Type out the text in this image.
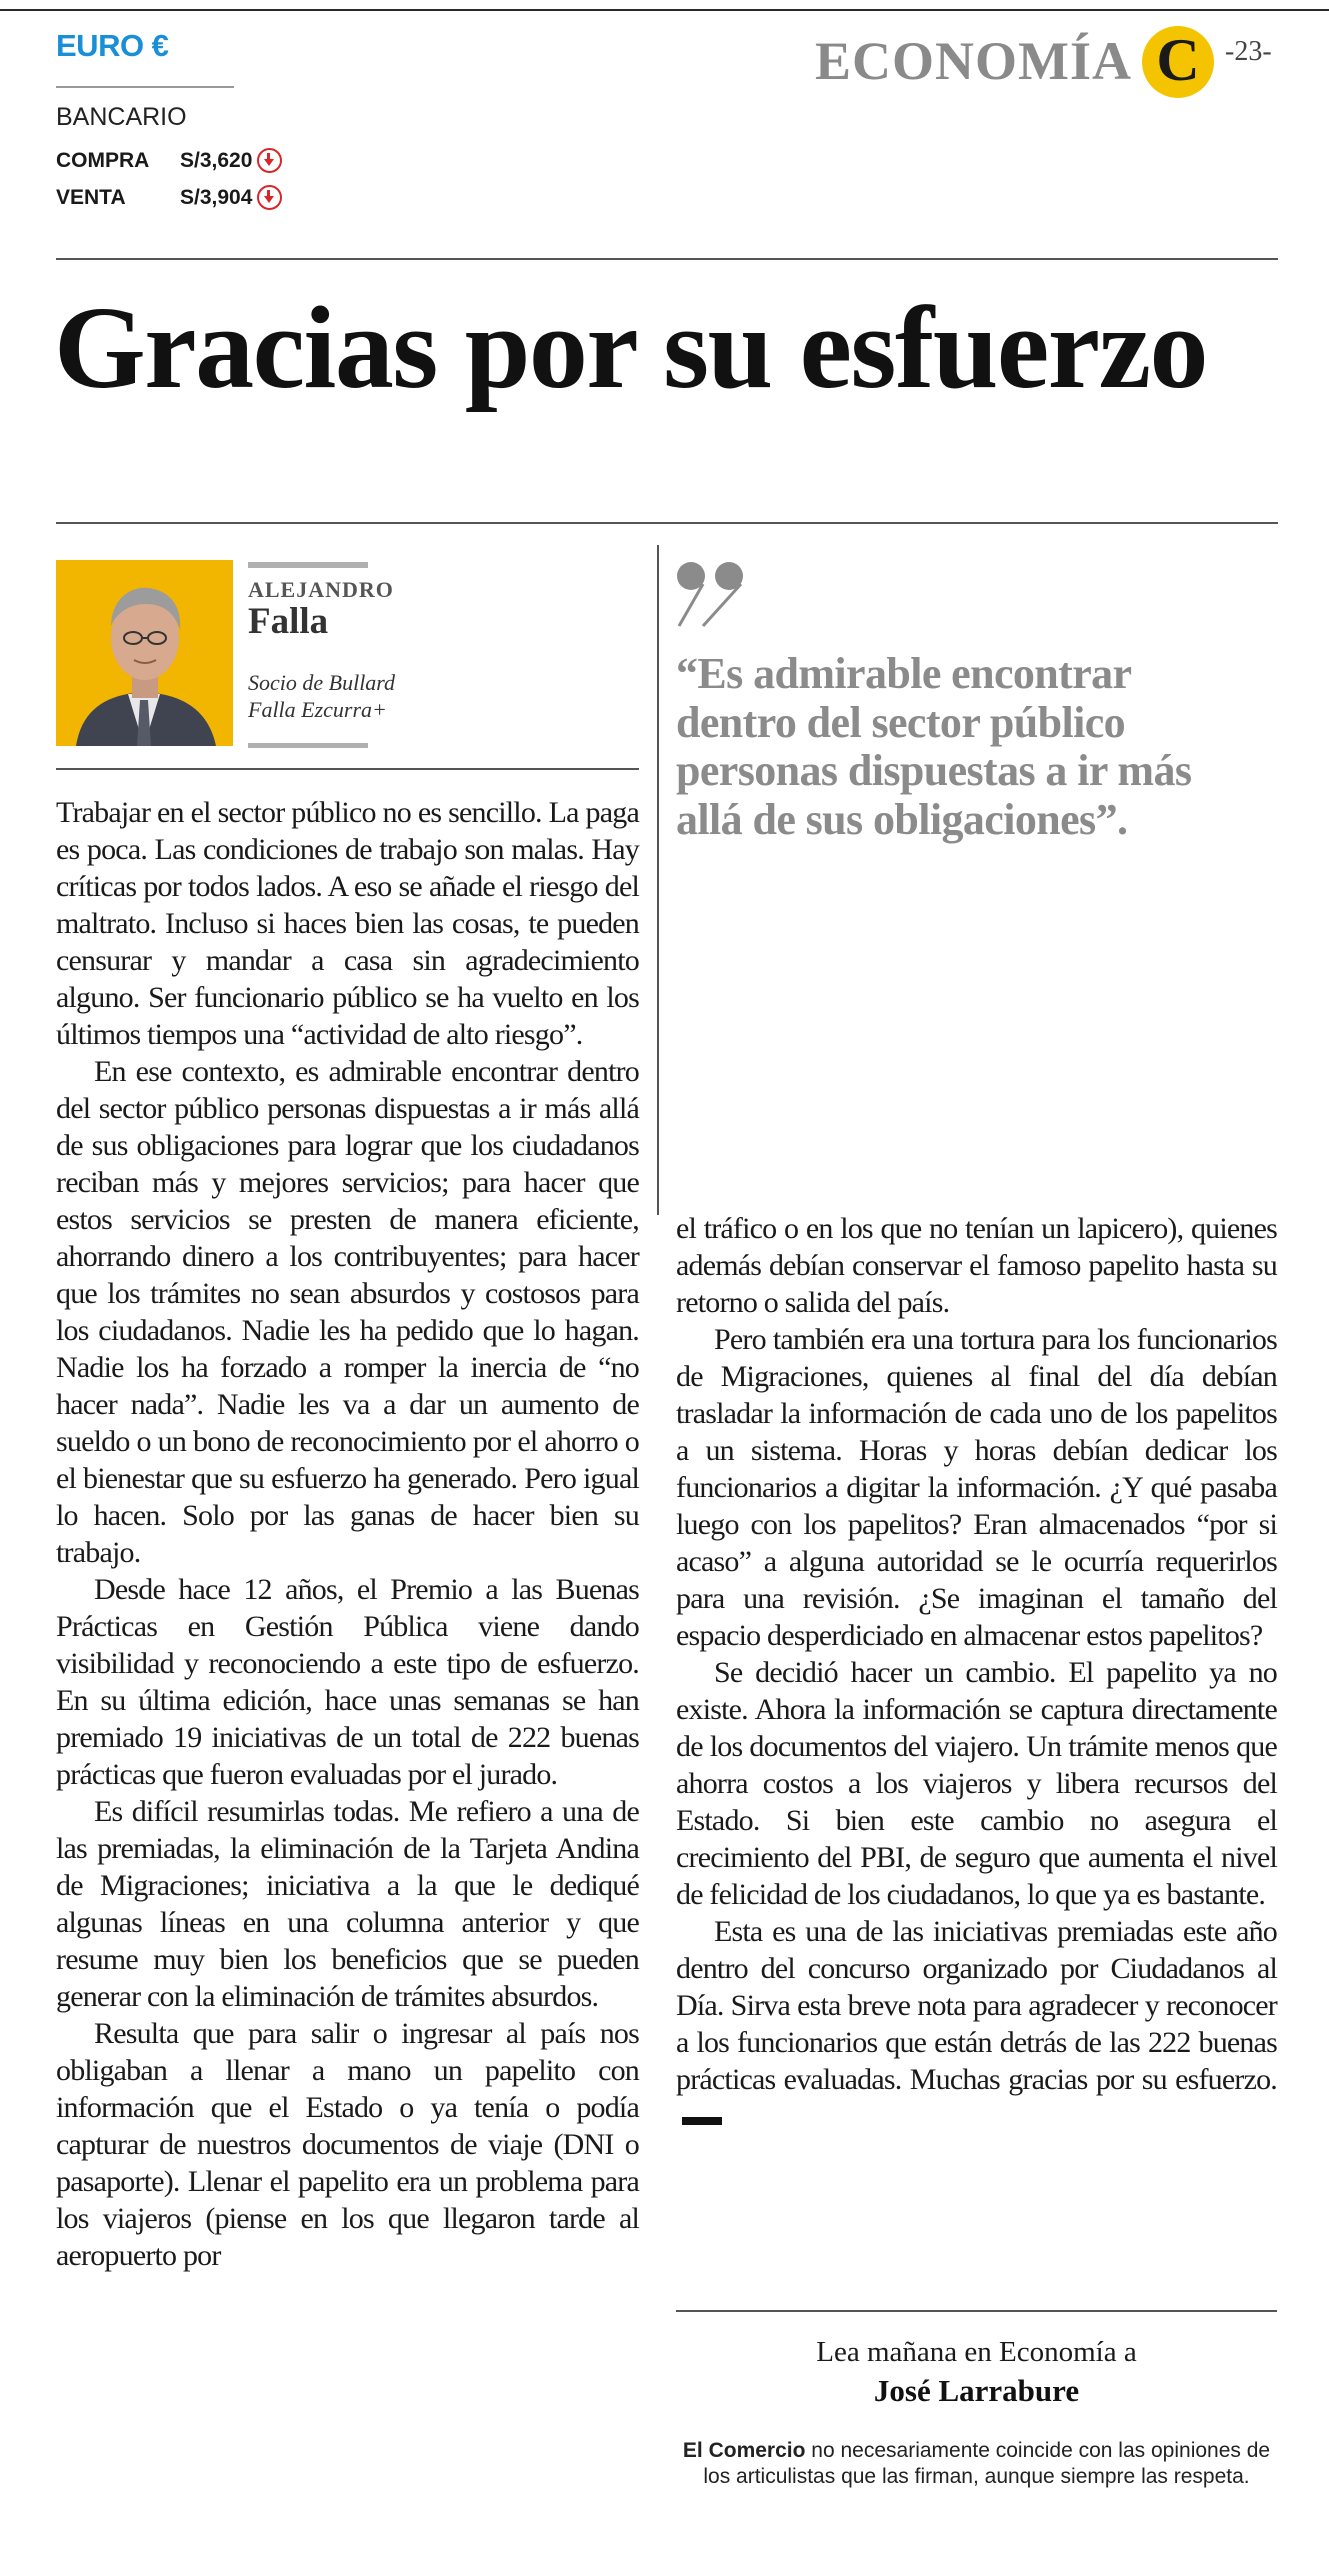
EURO €
BANCARIO
COMPRA	S/3,620
VENTA	S/3,904
ECONOMÍA C -23-
Gracias por su esfuerzo
ALEJANDRO
Falla
Socio de Bullard
Falla Ezcurra+
“Es admirable encontrar dentro del sector público personas dispuestas a ir más allá de sus obligaciones”.

Trabajar en el sector público no es sencillo. La paga es poca. Las condiciones de trabajo son malas. Hay críticas por todos lados. A eso se añade el riesgo del maltrato. Incluso si haces bien las cosas, te pueden censurar y mandar a casa sin agradecimiento alguno. Ser funcionario público se ha vuelto en los últimos tiempos una “actividad de alto riesgo”.

En ese contexto, es admirable encontrar dentro del sector público personas dispuestas a ir más allá de sus obligaciones para lograr que los ciudadanos reciban más y mejores servicios; para hacer que estos servicios se presten de manera eficiente, ahorrando dinero a los contribuyentes; para hacer que los trámites no sean absurdos y costosos para los ciudadanos. Nadie les ha pedido que lo hagan. Nadie los ha forzado a romper la inercia de “no hacer nada”. Nadie les va a dar un aumento de sueldo o un bono de reconocimiento por el ahorro o el bienestar que su esfuerzo ha generado. Pero igual lo hacen. Solo por las ganas de hacer bien su trabajo.

Desde hace 12 años, el Premio a las Buenas Prácticas en Gestión Pública viene dando visibilidad y reconociendo a este tipo de esfuerzo. En su última edición, hace unas semanas se han premiado 19 iniciativas de un total de 222 buenas prácticas que fueron evaluadas por el jurado.

Es difícil resumirlas todas. Me refiero a una de las premiadas, la eliminación de la Tarjeta Andina de Migraciones; iniciativa a la que le dediqué algunas líneas en una columna anterior y que resume muy bien los beneficios que se pueden generar con la eliminación de trámites absurdos.

Resulta que para salir o ingresar al país nos obligaban a llenar a mano un papelito con información que el Estado o ya tenía o podía capturar de nuestros documentos de viaje (DNI o pasaporte). Llenar el papelito era un problema para los viajeros (piense en los que llegaron tarde al aeropuerto por

el tráfico o en los que no tenían un lapicero), quienes además debían conservar el famoso papelito hasta su retorno o salida del país.

Pero también era una tortura para los funcionarios de Migraciones, quienes al final del día debían trasladar la información de cada uno de los papelitos a un sistema. Horas y horas debían dedicar los funcionarios a digitar la información. ¿Y qué pasaba luego con los papelitos? Eran almacenados “por si acaso” a alguna autoridad se le ocurría requerirlos para una revisión. ¿Se imaginan el tamaño del espacio desperdiciado en almacenar estos papelitos?

Se decidió hacer un cambio. El papelito ya no existe. Ahora la información se captura directamente de los documentos del viajero. Un trámite menos que ahorra costos a los viajeros y libera recursos del Estado. Si bien este cambio no asegura el crecimiento del PBI, de seguro que aumenta el nivel de felicidad de los ciudadanos, lo que ya es bastante.

Esta es una de las iniciativas premiadas este año dentro del concurso organizado por Ciudadanos al Día. Sirva esta breve nota para agradecer y reconocer a los funcionarios que están detrás de las 222 buenas prácticas evaluadas. Muchas gracias por su esfuerzo.

Lea mañana en Economía a
José Larrabure
El Comercio no necesariamente coincide con las opiniones de los articulistas que las firman, aunque siempre las respeta.
